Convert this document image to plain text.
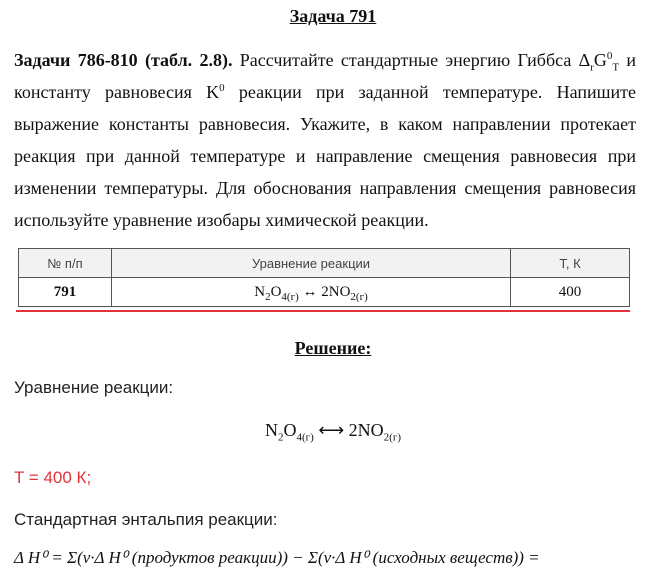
Задача 791
Задачи 786-810 (табл. 2.8). Рассчитайте стандартные энергию Гиббса $\Delta_rG^0_T$ и константу равновесия $K^0$ реакции при заданной температуре. Напишите выражение константы равновесия. Укажите, в каком направлении протекает реакция при данной температуре и направление смещения равновесия при изменении температуры. Для обоснования направления смещения равновесия используйте уравнение изобары химической реакции.
№ п/п	Уравнение реакции	T, К
791	$N_2O_{4(г)}$ ↔ $2NO_{2(г)}$	400
Решение:
Уравнение реакции:
$N_2O_{4(г)}$ ⟷ $2NO_{2(г)}$
T = 400 К;
Стандартная энтальпия реакции:
Δ H⁰ = Σ(ν·Δ H⁰ (продуктов реакции)) − Σ(ν·Δ H⁰ (исходных веществ)) =
